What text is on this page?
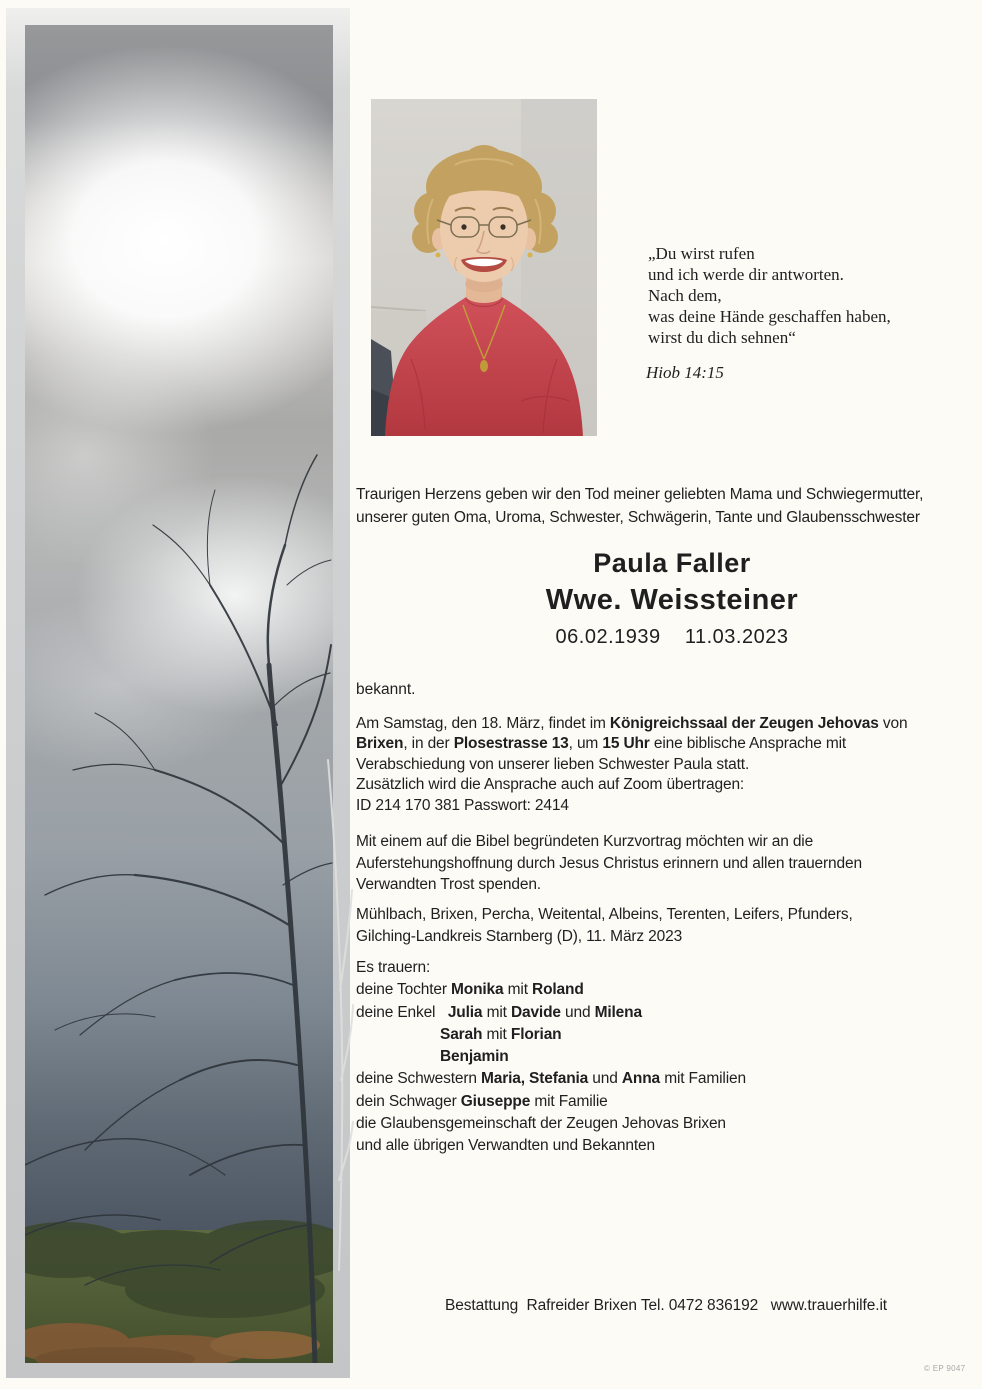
„Du wirst rufen
und ich werde dir antworten.
Nach dem,
was deine Hände geschaffen haben,
wirst du dich sehnen“
Hiob 14:15
Traurigen Herzens geben wir den Tod meiner geliebten Mama und Schwiegermutter,
unserer guten Oma, Uroma, Schwester, Schwägerin, Tante und Glaubensschwester
Paula Faller
Wwe. Weissteiner
06.02.1939    11.03.2023
bekannt.
Am Samstag, den 18. März, findet im Königreichssaal der Zeugen Jehovas von
Brixen, in der Plosestrasse 13, um 15 Uhr eine biblische Ansprache mit
Verabschiedung von unserer lieben Schwester Paula statt.
Zusätzlich wird die Ansprache auch auf Zoom übertragen:
ID 214 170 381 Passwort: 2414
Mit einem auf die Bibel begründeten Kurzvortrag möchten wir an die
Auferstehungshoffnung durch Jesus Christus erinnern und allen trauernden
Verwandten Trost spenden.
Mühlbach, Brixen, Percha, Weitental, Albeins, Terenten, Leifers, Pfunders,
Gilching-Landkreis Starnberg (D), 11. März 2023
Es trauern:
deine Tochter Monika mit Roland
deine Enkel   Julia mit Davide und Milena
Sarah mit Florian
Benjamin
deine Schwestern Maria, Stefania und Anna mit Familien
dein Schwager Giuseppe mit Familie
die Glaubensgemeinschaft der Zeugen Jehovas Brixen
und alle übrigen Verwandten und Bekannten
Bestattung  Rafreider Brixen Tel. 0472 836192   www.trauerhilfe.it
© EP 9047
